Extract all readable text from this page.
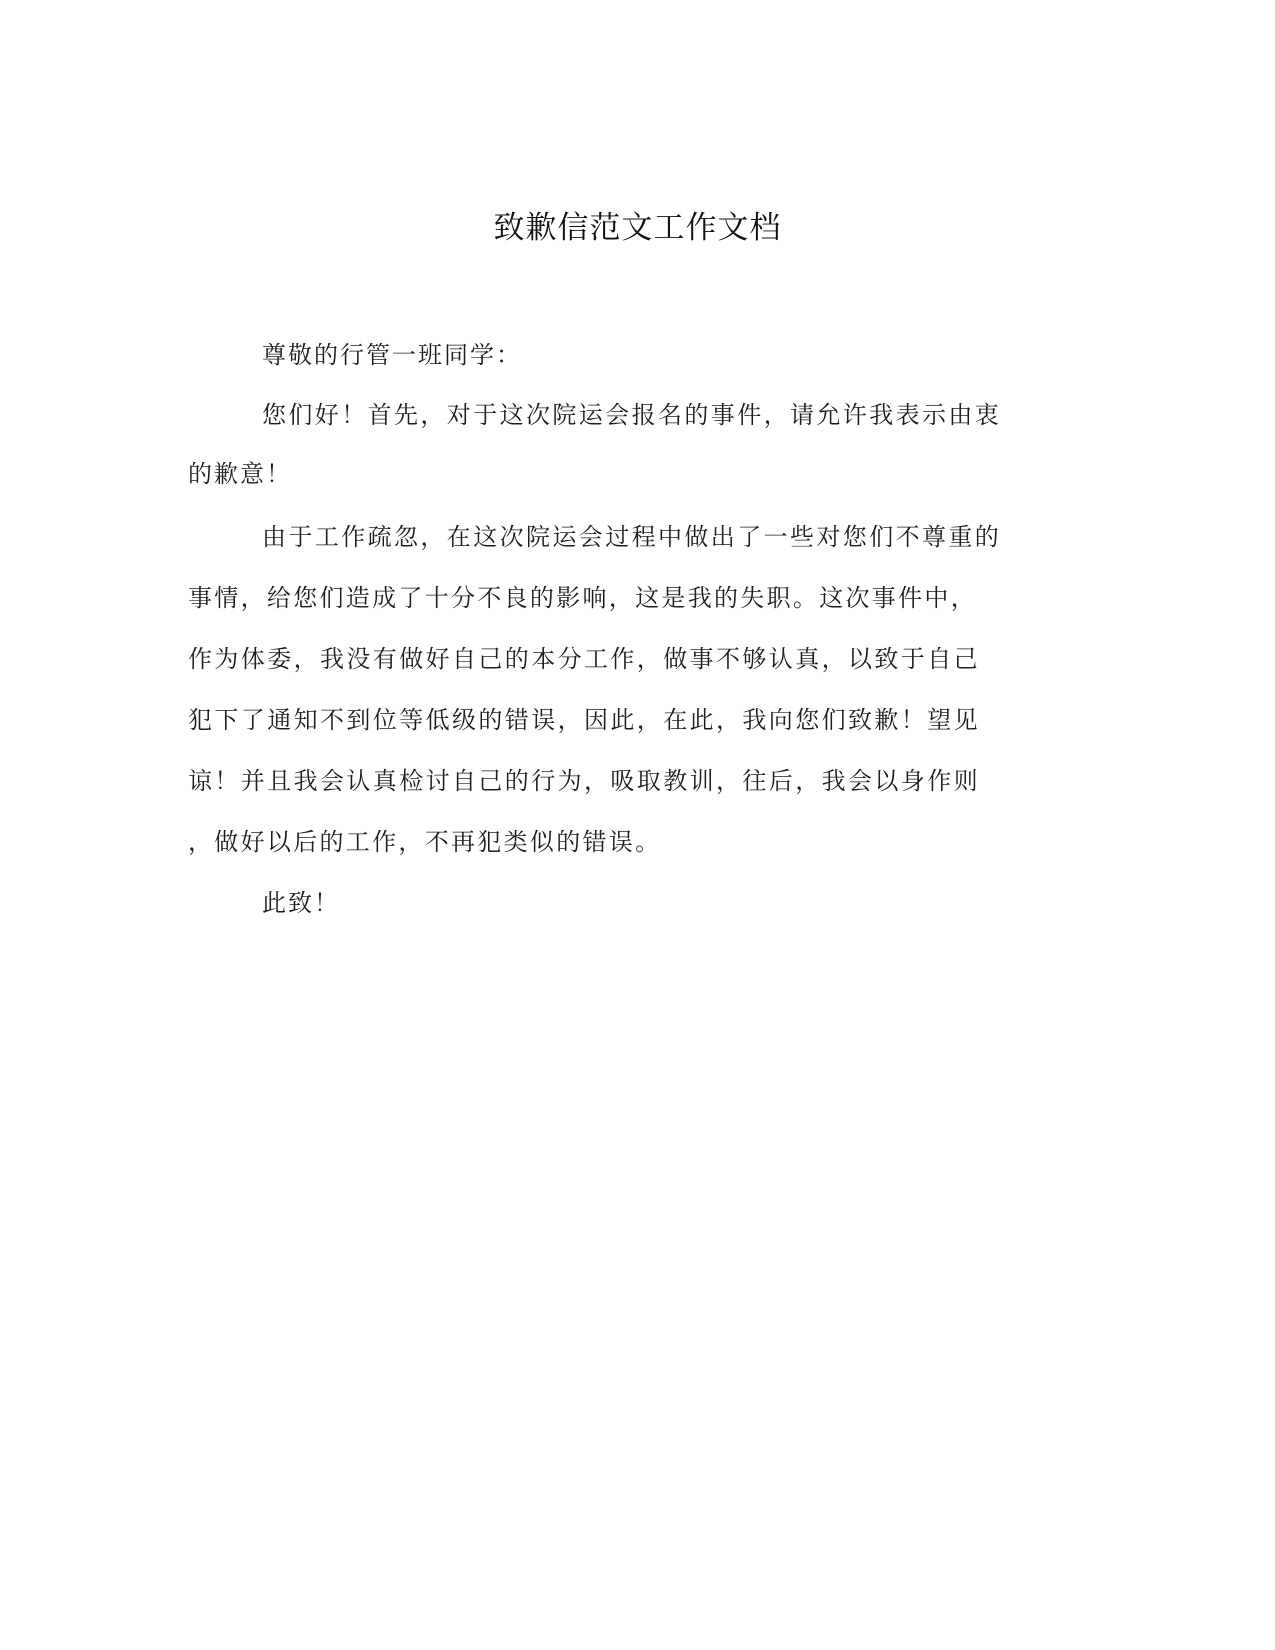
致歉信范文工作文档
尊敬的行管一班同学：
您们好！首先，对于这次院运会报名的事件，请允许我表示由衷
的歉意！
由于工作疏忽，在这次院运会过程中做出了一些对您们不尊重的
事情，给您们造成了十分不良的影响，这是我的失职。这次事件中，
作为体委，我没有做好自己的本分工作，做事不够认真，以致于自己
犯下了通知不到位等低级的错误，因此，在此，我向您们致歉！望见
谅！并且我会认真检讨自己的行为，吸取教训，往后，我会以身作则
，做好以后的工作，不再犯类似的错误。
此致！
